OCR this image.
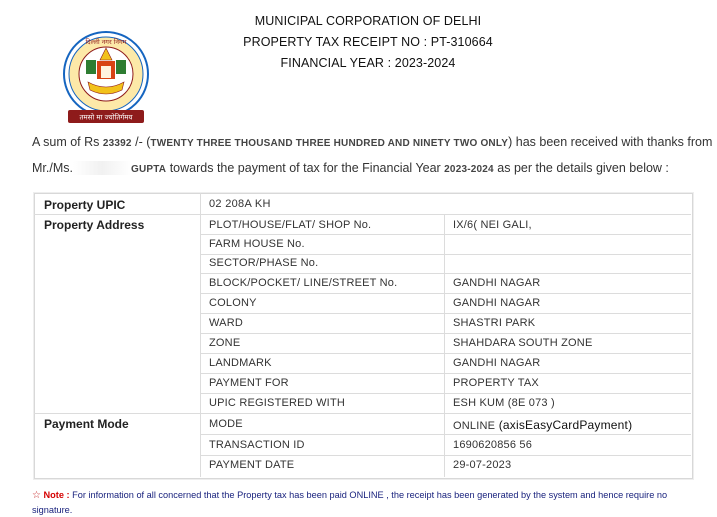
दिल्ली नगर निगम
तमसो मा ज्योतिर्गमय
MUNICIPAL CORPORATION OF DELHI
PROPERTY TAX RECEIPT NO : PT-310664
FINANCIAL YEAR : 2023-2024
A sum of Rs 23392 /- (TWENTY THREE THOUSAND THREE HUNDRED AND NINETY TWO ONLY) has been received with thanks from
Mr./Ms.	GUPTA towards the payment of tax for the Financial Year 2023-2024 as per the details given below :
Property UPIC	02 208A KH
Property Address	PLOT/HOUSE/FLAT/ SHOP No.	IX/6( NEI GALI,
FARM HOUSE No.
SECTOR/PHASE No.
BLOCK/POCKET/ LINE/STREET No.	GANDHI NAGAR
COLONY	GANDHI NAGAR
WARD	SHASTRI PARK
ZONE	SHAHDARA SOUTH ZONE
LANDMARK	GANDHI NAGAR
PAYMENT FOR	PROPERTY TAX
UPIC REGISTERED WITH	ESH KUM (8E 073 )
Payment Mode	MODE	ONLINE (axisEasyCardPayment)
TRANSACTION ID	1690620856 56
PAYMENT DATE	29-07-2023
☆ Note : For information of all concerned that the Property tax has been paid ONLINE , the receipt has been generated by the system and hence require no signature.
